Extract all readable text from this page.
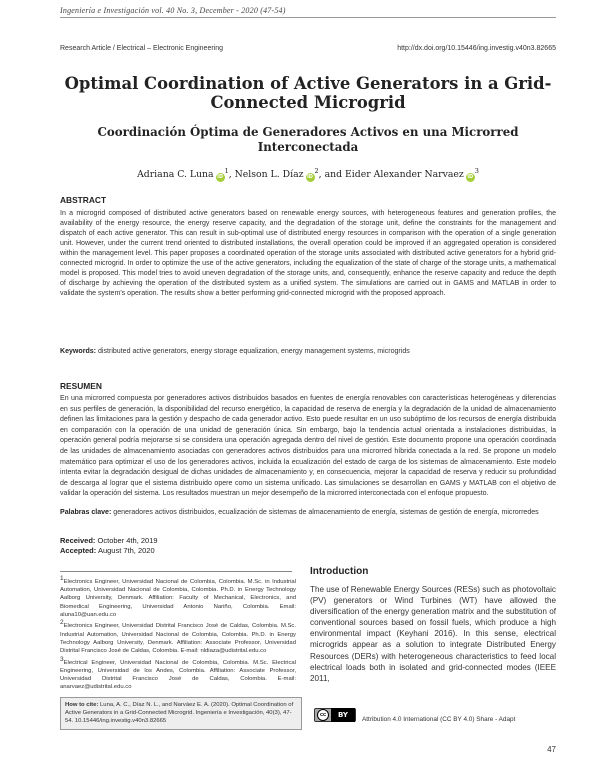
Ingeniería e Investigación vol. 40 No. 3, December - 2020 (47-54)
Research Article / Electrical – Electronic Engineering	http://dx.doi.org/10.15446/ing.investig.v40n3.82665
Optimal Coordination of Active Generators in a Grid-Connected Microgrid
Coordinación Óptima de Generadores Activos en una Microrred Interconectada
Adriana C. Luna $iD^1$, Nelson L. Díaz $iD^2$, and Eider Alexander Narvaez $iD^3$
ABSTRACT
In a microgrid composed of distributed active generators based on renewable energy sources, with heterogeneous features and generation profiles, the availability of the energy resource, the energy reserve capacity, and the degradation of the storage unit, define the constraints for the management and dispatch of each active generator. This can result in sub-optimal use of distributed energy resources in comparison with the operation of a single generation unit. However, under the current trend oriented to distributed installations, the overall operation could be improved if an aggregated operation is considered within the management level. This paper proposes a coordinated operation of the storage units associated with distributed active generators for a hybrid grid-connected microgrid. In order to optimize the use of the active generators, including the equalization of the state of charge of the storage units, a mathematical model is proposed. This model tries to avoid uneven degradation of the storage units, and, consequently, enhance the reserve capacity and reduce the depth of discharge by achieving the operation of the distributed system as a unified system. The simulations are carried out in GAMS and MATLAB in order to validate the system's operation. The results show a better performing grid-connected microgrid with the proposed approach.
Keywords: distributed active generators, energy storage equalization, energy management systems, microgrids
RESUMEN
En una microrred compuesta por generadores activos distribuidos basados en fuentes de energía renovables con características heterogéneas y diferencias en sus perfiles de generación, la disponibilidad del recurso energético, la capacidad de reserva de energía y la degradación de la unidad de almacenamiento definen las limitaciones para la gestión y despacho de cada generador activo. Esto puede resultar en un uso subóptimo de los recursos de energía distribuida en comparación con la operación de una unidad de generación única. Sin embargo, bajo la tendencia actual orientada a instalaciones distribuidas, la operación general podría mejorarse si se considera una operación agregada dentro del nivel de gestión. Este documento propone una operación coordinada de las unidades de almacenamiento asociadas con generadores activos distribuidos para una microrred híbrida conectada a la red. Se propone un modelo matemático para optimizar el uso de los generadores activos, incluida la ecualización del estado de carga de los sistemas de almacenamiento. Este modelo intenta evitar la degradación desigual de dichas unidades de almacenamiento y, en consecuencia, mejorar la capacidad de reserva y reducir su profundidad de descarga al lograr que el sistema distribuido opere como un sistema unificado. Las simulaciones se desarrollan en GAMS y MATLAB con el objetivo de validar la operación del sistema. Los resultados muestran un mejor desempeño de la microrred interconectada con el enfoque propuesto.
Palabras clave: generadores activos distribuidos, ecualización de sistemas de almacenamiento de energía, sistemas de gestión de energía, microrredes
Received: October 4th, 2019
Accepted: August 7th, 2020
$^1$Electronics Engineer, Universidad Nacional de Colombia, Colombia. M.Sc. in Industrial Automation, Universidad Nacional de Colombia, Colombia. Ph.D. in Energy Technology Aalborg University, Denmark. Affiliation: Faculty of Mechanical, Electronics, and Biomedical Engineering, Universidad Antonio Nariño, Colombia. Email: aluna10@uan.edu.co
$^2$Electronics Engineer, Universidad Distrital Francisco José de Caldas, Colombia. M.Sc. Industrial Automation, Universidad Nacional de Colombia, Colombia. Ph.D. in Energy Technology Aalborg University, Denmark. Affiliation: Associate Professor, Universidad Distrital Francisco José de Caldas, Colombia. E-mail: nldiazа@udistrital.edu.co
$^3$Electrical Engineer, Universidad Nacional de Colombia, Colombia. M.Sc. Electrical Engineering, Universidad de los Andes, Colombia. Affiliation: Associate Professor, Universidad Distrital Francisco José de Caldas, Colombia. E-mail: anarvaez@udistrital.edu.co
How to cite: Luna, A. C., Díaz N. L., and Narváez E. A. (2020). Optimal Coordination of Active Generators in a Grid-Connected Microgrid. Ingeniería e Investigación, 40(3), 47-54. 10.15446/ing.investig.v40n3.82665
Introduction
The use of Renewable Energy Sources (RESs) such as photovoltaic (PV) generators or Wind Turbines (WT) have allowed the diversification of the energy generation matrix and the substitution of conventional sources based on fossil fuels, which produce a high environmental impact (Keyhani 2016). In this sense, electrical microgrids appear as a solution to integrate Distributed Energy Resources (DERs) with heterogeneous characteristics to feed local electrical loads both in isolated and grid-connected modes (IEEE 2011,
cc	BY
Attribution 4.0 International (CC BY 4.0) Share - Adapt
47
